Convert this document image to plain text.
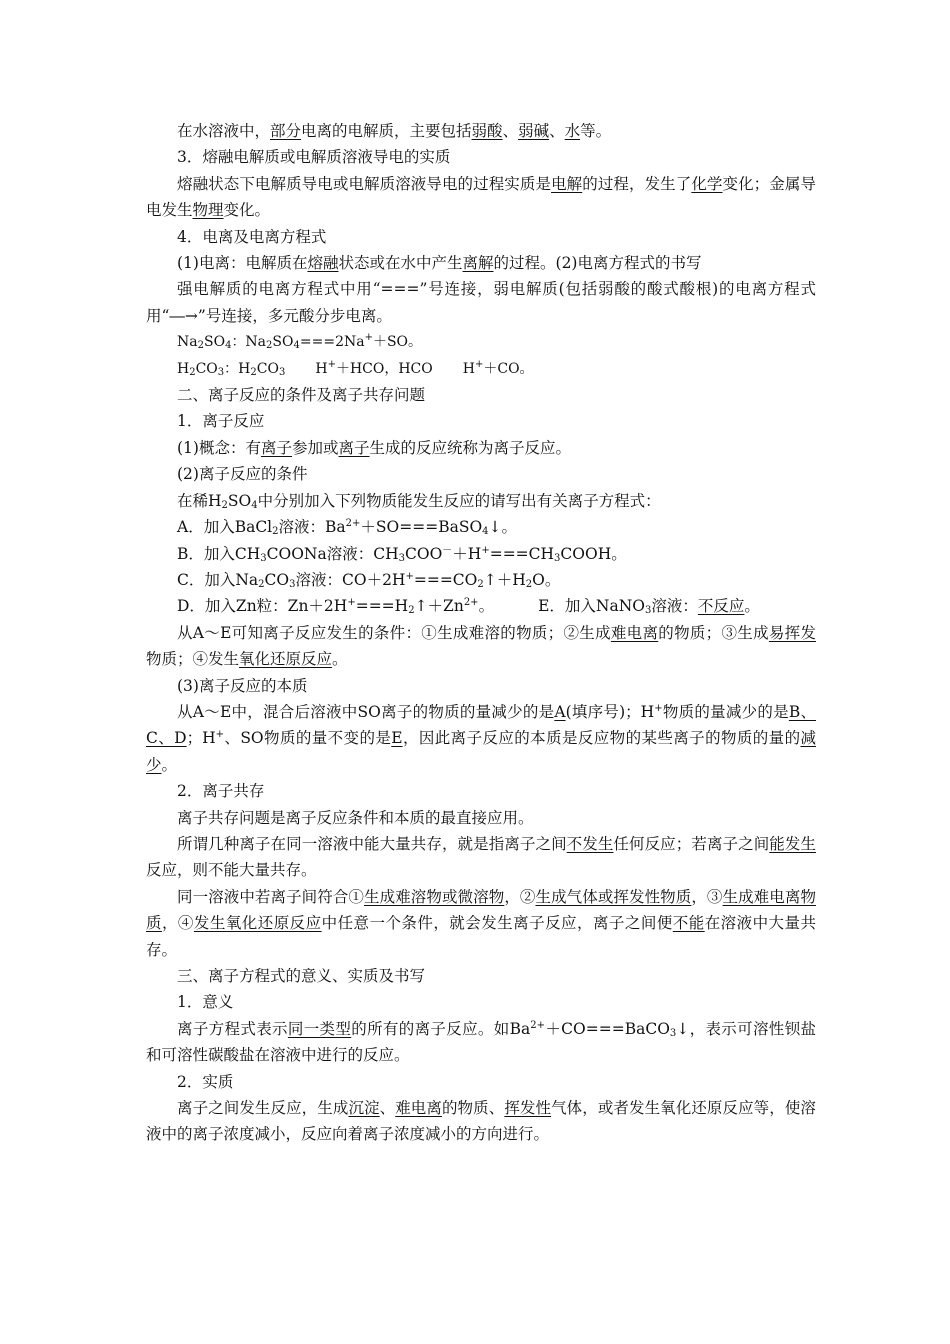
在水溶液中，部分电离的电解质，主要包括弱酸、弱碱、水等。
3．熔融电解质或电解质溶液导电的实质
熔融状态下电解质导电或电解质溶液导电的过程实质是电解的过程，发生了化学变化；金属导电发生物理变化。
4．电离及电离方程式
(1)电离：电解质在熔融状态或在水中产生离解的过程。(2)电离方程式的书写
强电解质的电离方程式中用“===”号连接，弱电解质(包括弱酸的酸式酸根)的电离方程式用“―→”号连接，多元酸分步电离。
$Na_2SO_4$：$Na_2SO_4===2Na^++SO$。
$H_2CO_3$：$H_2CO_3$ H+＋HCO，HCO H+＋CO。
二、离子反应的条件及离子共存问题
1．离子反应
(1)概念：有离子参加或离子生成的反应统称为离子反应。
(2)离子反应的条件
在稀$H_2SO_4$中分别加入下列物质能发生反应的请写出有关离子方程式：
A．加入BaCl$_2$溶液：$Ba^{2+}+SO===BaSO_4↓$。
B．加入$CH_3COONa$溶液：$CH_3COO^-+H^+===CH_3COOH$。
C．加入$Na_2CO_3$溶液：$CO+2H^+===CO_2↑+H_2O$。
D．加入Zn粒：$Zn+2H^+===H_2↑+Zn^{2+}$。	E．加入NaNO$_3$溶液：不反应。
从A～E可知离子反应发生的条件：①生成难溶的物质；②生成难电离的物质；③生成易挥发物质；④发生氧化还原反应。
(3)离子反应的本质
从A～E中，混合后溶液中SO离子的物质的量减少的是A(填序号)；H+物质的量减少的是B、C、D；H+、SO物质的量不变的是E，因此离子反应的本质是反应物的某些离子的物质的量的减少。
2．离子共存
离子共存问题是离子反应条件和本质的最直接应用。
所谓几种离子在同一溶液中能大量共存，就是指离子之间不发生任何反应；若离子之间能发生反应，则不能大量共存。
同一溶液中若离子间符合①生成难溶物或微溶物，②生成气体或挥发性物质，③生成难电离物质，④发生氧化还原反应中任意一个条件，就会发生离子反应，离子之间便不能在溶液中大量共存。
三、离子方程式的意义、实质及书写
1．意义
离子方程式表示同一类型的所有的离子反应。如$Ba^{2+}+CO===BaCO_3↓$，表示可溶性钡盐和可溶性碳酸盐在溶液中进行的反应。
2．实质
离子之间发生反应，生成沉淀、难电离的物质、挥发性气体，或者发生氧化还原反应等，使溶液中的离子浓度减小，反应向着离子浓度减小的方向进行。
